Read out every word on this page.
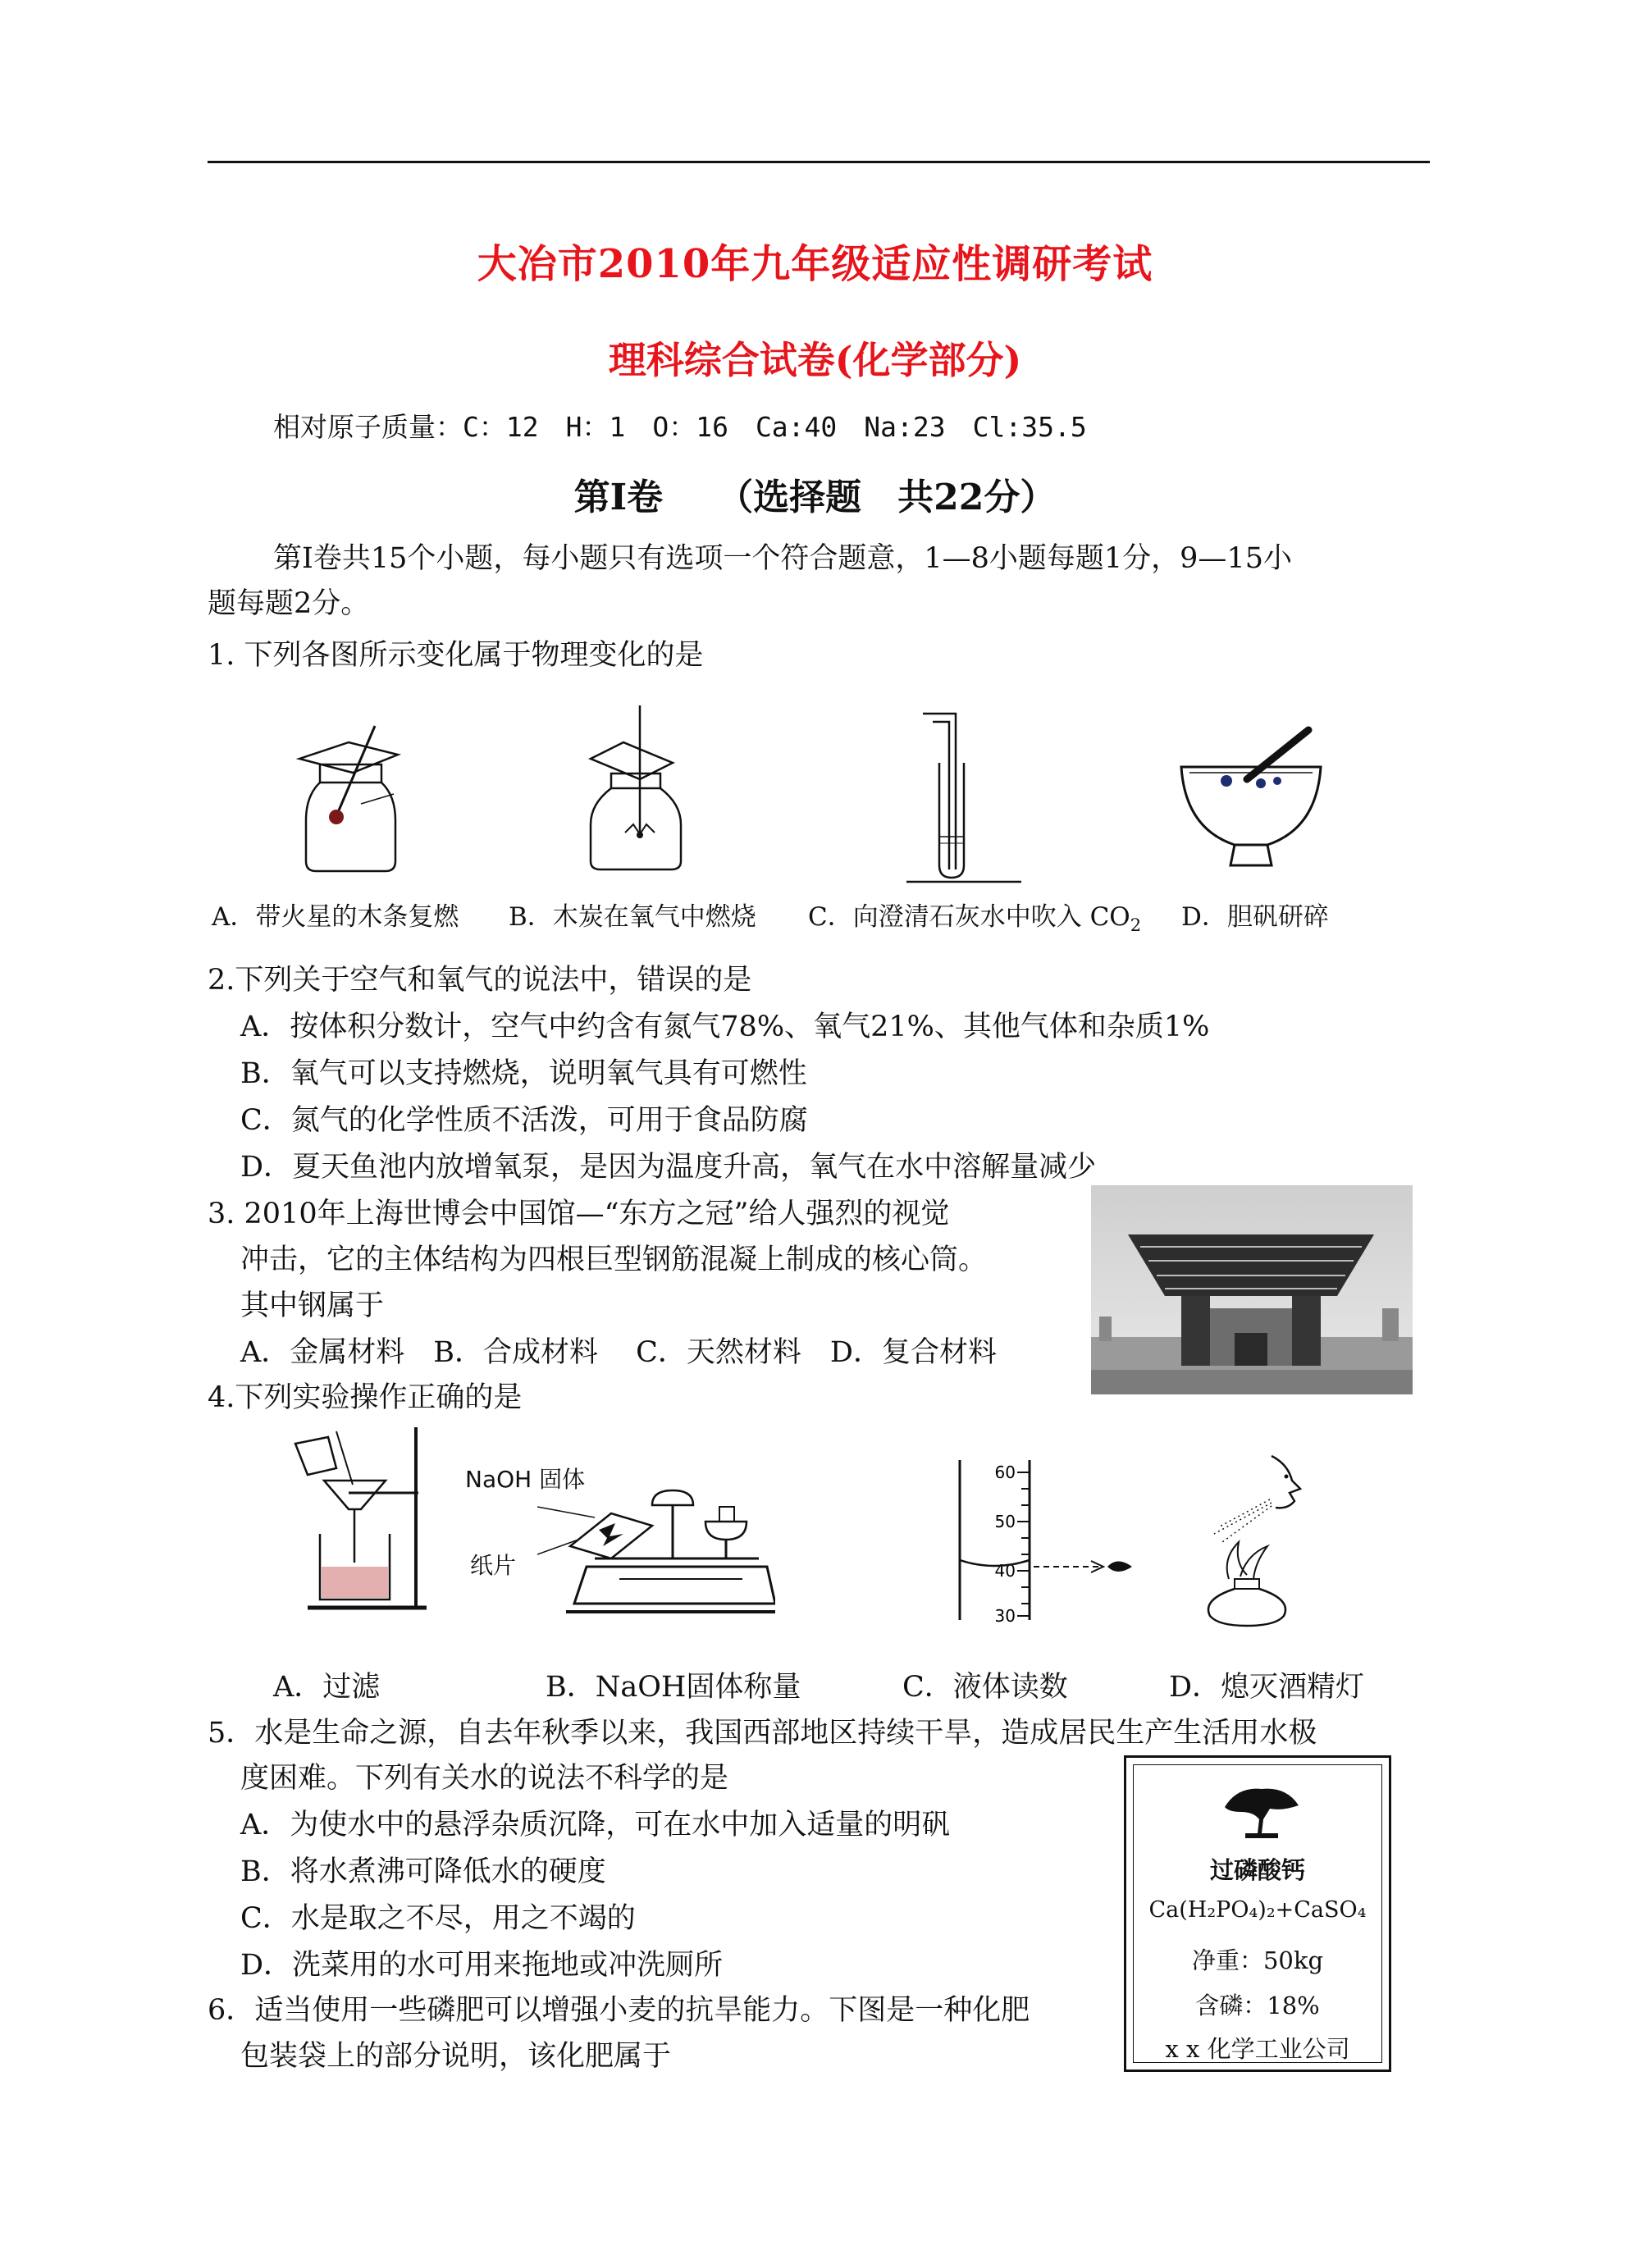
大冶市2010年九年级适应性调研考试
理科综合试卷(化学部分)
相对原子质量：C：12　H：1　O：16　Ca:40　Na:23　Cl:35.5
第Ⅰ卷　　（选择题　共22分）
第Ⅰ卷共15个小题，每小题只有选项一个符合题意，1—8小题每题1分，9—15小
题每题2分。
1. 下列各图所示变化属于物理变化的是
A．带火星的木条复燃 B．木炭在氧气中燃烧 C．向澄清石灰水中吹入 $CO_2$ D．胆矾研碎
2.下列关于空气和氧气的说法中，错误的是
A．按体积分数计，空气中约含有氮气78%、氧气21%、其他气体和杂质1%
B．氧气可以支持燃烧，说明氧气具有可燃性
C．氮气的化学性质不活泼，可用于食品防腐
D．夏天鱼池内放增氧泵，是因为温度升高，氧气在水中溶解量减少
3. 2010年上海世博会中国馆—“东方之冠”给人强烈的视觉
冲击，它的主体结构为四根巨型钢筋混凝上制成的核心筒。
其中钢属于
A．金属材料　B．合成材料　 C．天然材料　D．复合材料
4.下列实验操作正确的是
NaOH 固体
纸片
60
50
40
30
A．过滤	B．NaOH固体称量	C．液体读数	D．熄灭酒精灯
5．水是生命之源，自去年秋季以来，我国西部地区持续干旱，造成居民生产生活用水极
度困难。下列有关水的说法不科学的是
A．为使水中的悬浮杂质沉降，可在水中加入适量的明矾
B．将水煮沸可降低水的硬度
C．水是取之不尽，用之不竭的
D．洗菜用的水可用来拖地或冲洗厕所
6．适当使用一些磷肥可以增强小麦的抗旱能力。下图是一种化肥
包装袋上的部分说明，该化肥属于
过磷酸钙
Ca(H₂PO₄)₂+CaSO₄
净重：50kg
含磷：18%
x x 化学工业公司
